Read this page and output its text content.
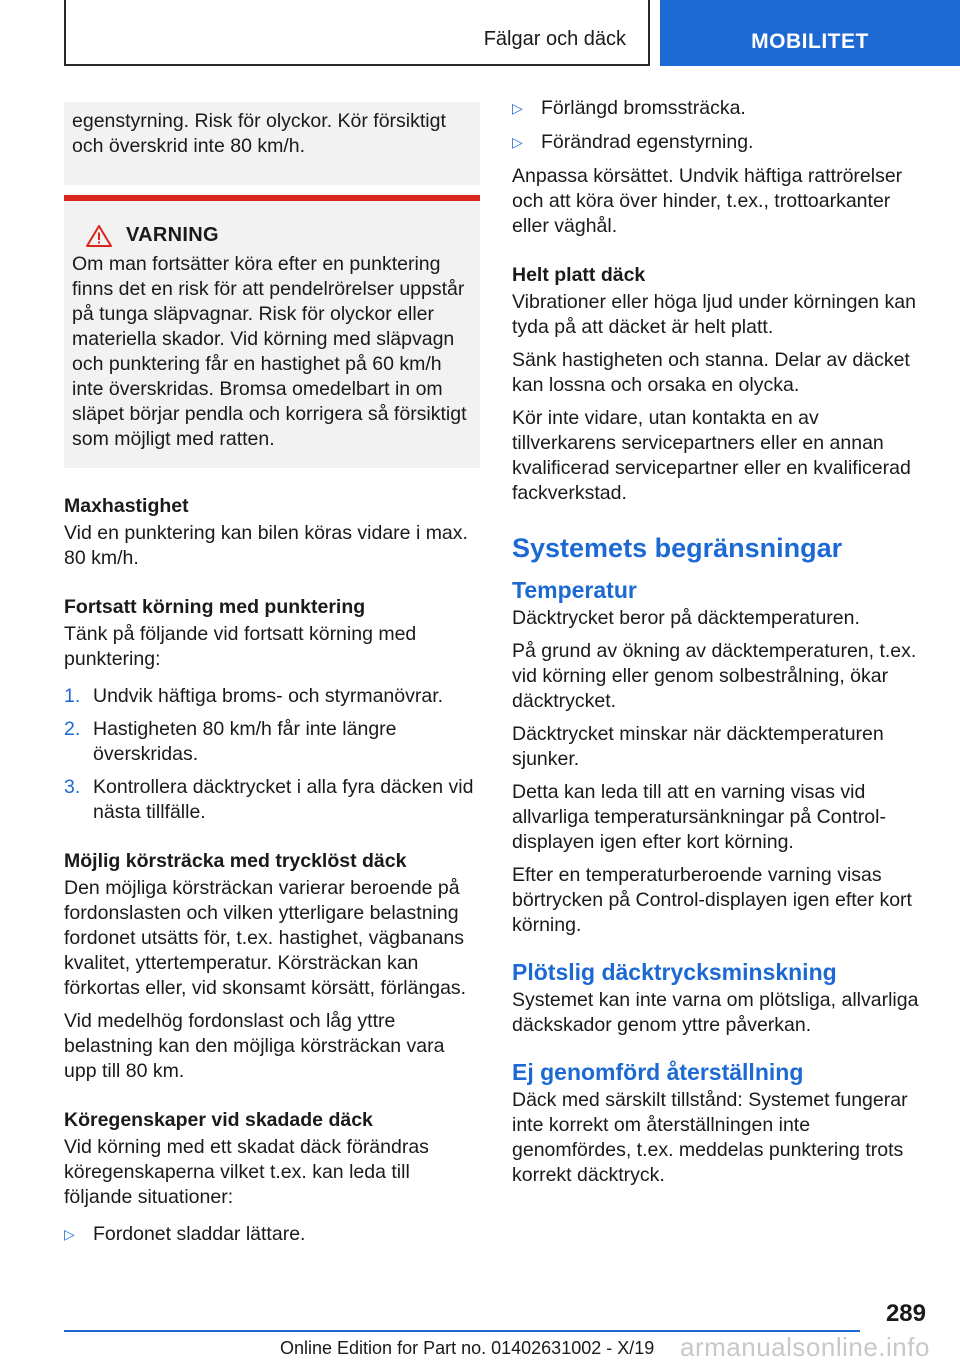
Fälgar och däck	MOBILITET

egenstyrning. Risk för olyckor. Kör försiktigt och överskrid inte 80 km/h.

VARNING

Om man fortsätter köra efter en punktering finns det en risk för att pendelrörelser uppstår på tunga släpvagnar. Risk för olyckor eller materiella skador. Vid körning med släpvagn och punktering får en hastighet på 60 km/h inte överskridas. Bromsa omedelbart in om släpet börjar pendla och korrigera så försiktigt som möjligt med ratten.

Maxhastighet

Vid en punktering kan bilen köras vidare i max. 80 km/h.

Fortsatt körning med punktering

Tänk på följande vid fortsatt körning med punktering:

1. Undvik häftiga broms- och styrmanövrar.
2. Hastigheten 80 km/h får inte längre överskridas.
3. Kontrollera däcktrycket i alla fyra däcken vid nästa tillfälle.
Möjlig körsträcka med trycklöst däck

Den möjliga körsträckan varierar beroende på fordonslasten och vilken ytterligare belastning fordonet utsätts för, t.ex. hastighet, vägbanans kvalitet, yttertemperatur. Körsträckan kan förkortas eller, vid skonsamt körsätt, förlängas.

Vid medelhög fordonslast och låg yttre belastning kan den möjliga körsträckan vara upp till 80 km.

Köregenskaper vid skadade däck

Vid körning med ett skadat däck förändras köregenskaperna vilket t.ex. kan leda till följande situationer:

▷ Fordonet sladdar lättare.
▷ Förlängd bromssträcka.
▷ Förändrad egenstyrning.

Anpassa körsättet. Undvik häftiga rattrörelser och att köra över hinder, t.ex., trottoarkanter eller väghål.

Helt platt däck

Vibrationer eller höga ljud under körningen kan tyda på att däcket är helt platt.

Sänk hastigheten och stanna. Delar av däcket kan lossna och orsaka en olycka.

Kör inte vidare, utan kontakta en av tillverkarens servicepartners eller en annan kvalificerad servicepartner eller en kvalificerad fackverkstad.

Systemets begränsningar
Temperatur

Däcktrycket beror på däcktemperaturen.

På grund av ökning av däcktemperaturen, t.ex. vid körning eller genom solbestrålning, ökar däcktrycket.

Däcktrycket minskar när däcktemperaturen sjunker.

Detta kan leda till att en varning visas vid allvarliga temperatursänkningar på Control-displayen igen efter kort körning.

Efter en temperaturberoende varning visas börtrycken på Control-displayen igen efter kort körning.

Plötslig däcktrycksminskning

Systemet kan inte varna om plötsliga, allvarliga däckskador genom yttre påverkan.

Ej genomförd återställning

Däck med särskilt tillstånd: Systemet fungerar inte korrekt om återställningen inte genomfördes, t.ex. meddelas punktering trots korrekt däcktryck.

289
armanualsonline.info
Online Edition for Part no. 01402631002 - X/19
